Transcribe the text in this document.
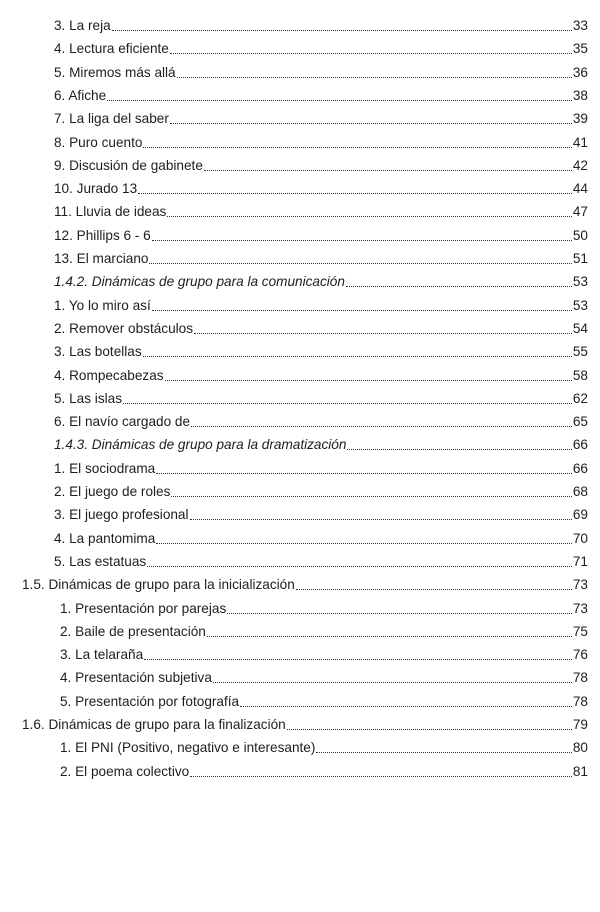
3. La reja	33
4. Lectura eficiente	35
5. Miremos más allá	36
6. Afiche	38
7. La liga del saber	39
8. Puro cuento	41
9. Discusión de gabinete	42
10. Jurado 13	44
11. Lluvia de ideas	47
12. Phillips 6 - 6	50
13. El marciano	51
1.4.2. Dinámicas de grupo para la comunicación	53
1. Yo lo miro así	53
2. Remover obstáculos	54
3. Las botellas	55
4. Rompecabezas	58
5. Las islas	62
6. El navío cargado de	65
1.4.3. Dinámicas de grupo para la dramatización	66
1. El sociodrama	66
2. El juego de roles	68
3. El juego profesional	69
4. La pantomima	70
5. Las estatuas	71
1.5. Dinámicas de grupo para la inicialización	73
1. Presentación por parejas	73
2. Baile de presentación	75
3. La telaraña	76
4. Presentación subjetiva	78
5. Presentación por fotografía	78
1.6. Dinámicas de grupo para la finalización	79
1. El PNI (Positivo, negativo e interesante)	80
2. El poema colectivo	81
